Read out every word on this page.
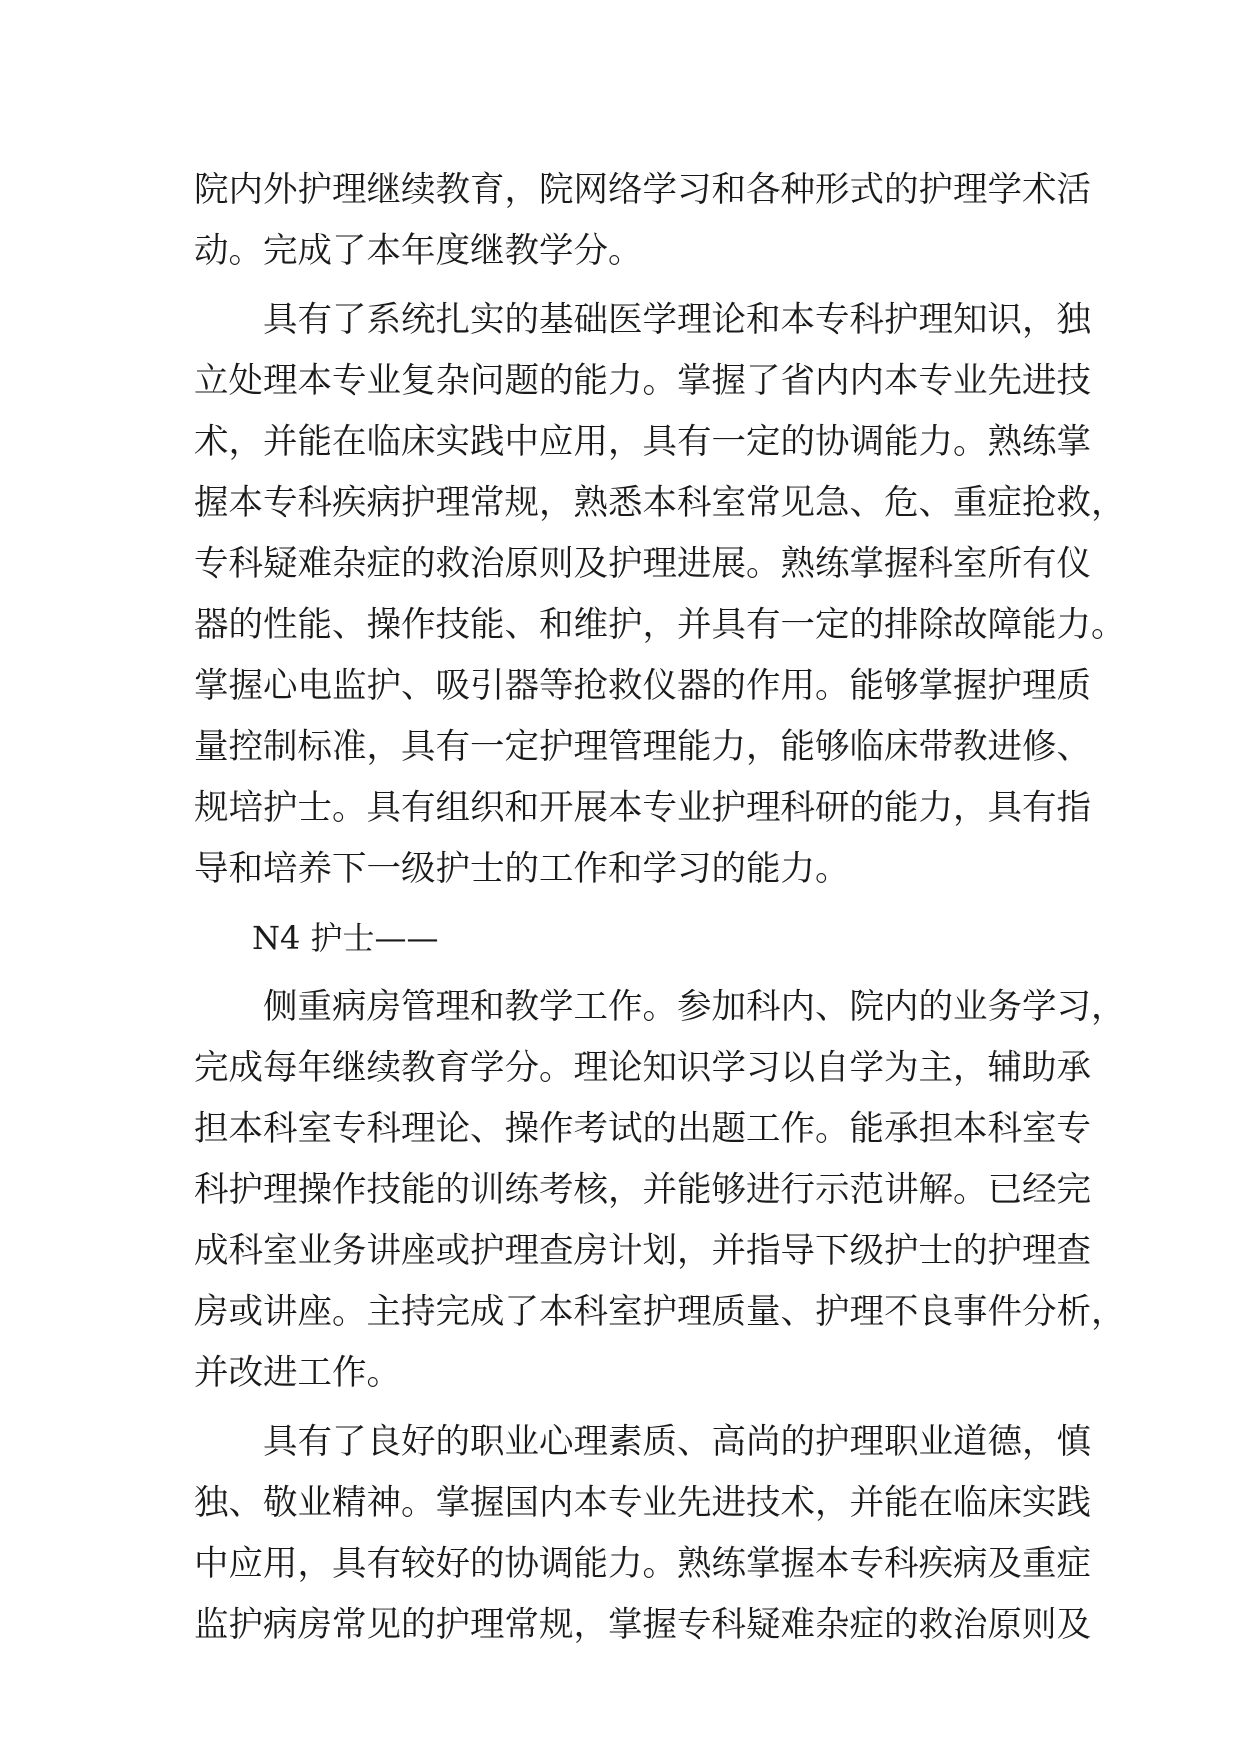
院内外护理继续教育，院网络学习和各种形式的护理学术活
动。完成了本年度继教学分。
具有了系统扎实的基础医学理论和本专科护理知识，独
立处理本专业复杂问题的能力。掌握了省内内本专业先进技
术，并能在临床实践中应用，具有一定的协调能力。熟练掌
握本专科疾病护理常规，熟悉本科室常见急、危、重症抢救，
专科疑难杂症的救治原则及护理进展。熟练掌握科室所有仪
器的性能、操作技能、和维护，并具有一定的排除故障能力。
掌握心电监护、吸引器等抢救仪器的作用。能够掌握护理质
量控制标准，具有一定护理管理能力，能够临床带教进修、
规培护士。具有组织和开展本专业护理科研的能力，具有指
导和培养下一级护士的工作和学习的能力。
N4 护士——
侧重病房管理和教学工作。参加科内、院内的业务学习，
完成每年继续教育学分。理论知识学习以自学为主，辅助承
担本科室专科理论、操作考试的出题工作。能承担本科室专
科护理操作技能的训练考核，并能够进行示范讲解。已经完
成科室业务讲座或护理查房计划，并指导下级护士的护理查
房或讲座。主持完成了本科室护理质量、护理不良事件分析，
并改进工作。
具有了良好的职业心理素质、高尚的护理职业道德，慎
独、敬业精神。掌握国内本专业先进技术，并能在临床实践
中应用，具有较好的协调能力。熟练掌握本专科疾病及重症
监护病房常见的护理常规，掌握专科疑难杂症的救治原则及
